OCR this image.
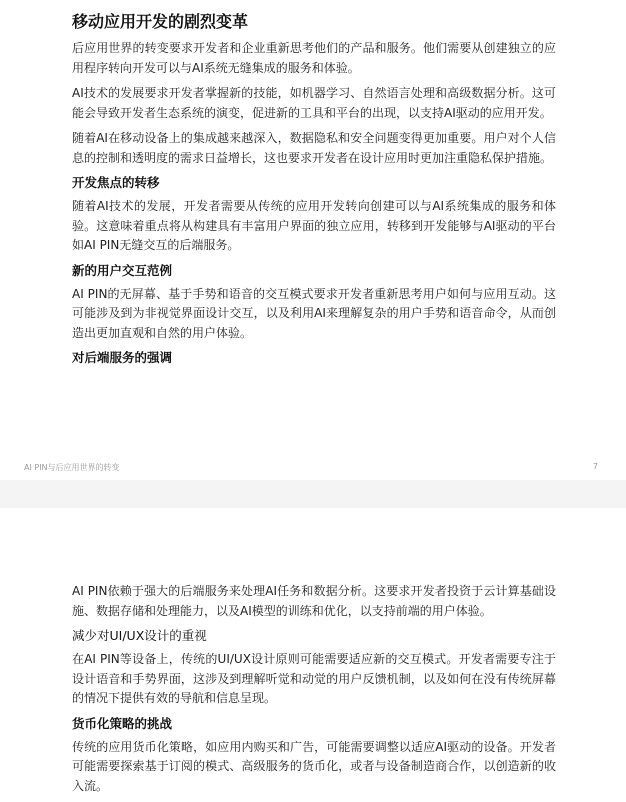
移动应用开发的剧烈变革

后应用世界的转变要求开发者和企业重新思考他们的产品和服务。他们需要从创建独立的应用程序转向开发可以与AI系统无缝集成的服务和体验。

AI技术的发展要求开发者掌握新的技能，如机器学习、自然语言处理和高级数据分析。这可能会导致开发者生态系统的演变，促进新的工具和平台的出现，以支持AI驱动的应用开发。

随着AI在移动设备上的集成越来越深入，数据隐私和安全问题变得更加重要。用户对个人信息的控制和透明度的需求日益增长，这也要求开发者在设计应用时更加注重隐私保护措施。

开发焦点的转移

随着AI技术的发展，开发者需要从传统的应用开发转向创建可以与AI系统集成的服务和体验。这意味着重点将从构建具有丰富用户界面的独立应用，转移到开发能够与AI驱动的平台如AI PIN无缝交互的后端服务。

新的用户交互范例

AI PIN的无屏幕、基于手势和语音的交互模式要求开发者重新思考用户如何与应用互动。这可能涉及到为非视觉界面设计交互，以及利用AI来理解复杂的用户手势和语音命令，从而创造出更加直观和自然的用户体验。

对后端服务的强调
AI PIN与后应用世界的转变	7

AI PIN依赖于强大的后端服务来处理AI任务和数据分析。这要求开发者投资于云计算基础设施、数据存储和处理能力，以及AI模型的训练和优化，以支持前端的用户体验。

减少对UI/UX设计的重视

在AI PIN等设备上，传统的UI/UX设计原则可能需要适应新的交互模式。开发者需要专注于设计语音和手势界面，这涉及到理解听觉和动觉的用户反馈机制，以及如何在没有传统屏幕的情况下提供有效的导航和信息呈现。

货币化策略的挑战

传统的应用货币化策略，如应用内购买和广告，可能需要调整以适应AI驱动的设备。开发者可能需要探索基于订阅的模式、高级服务的货币化，或者与设备制造商合作，以创造新的收入流。
